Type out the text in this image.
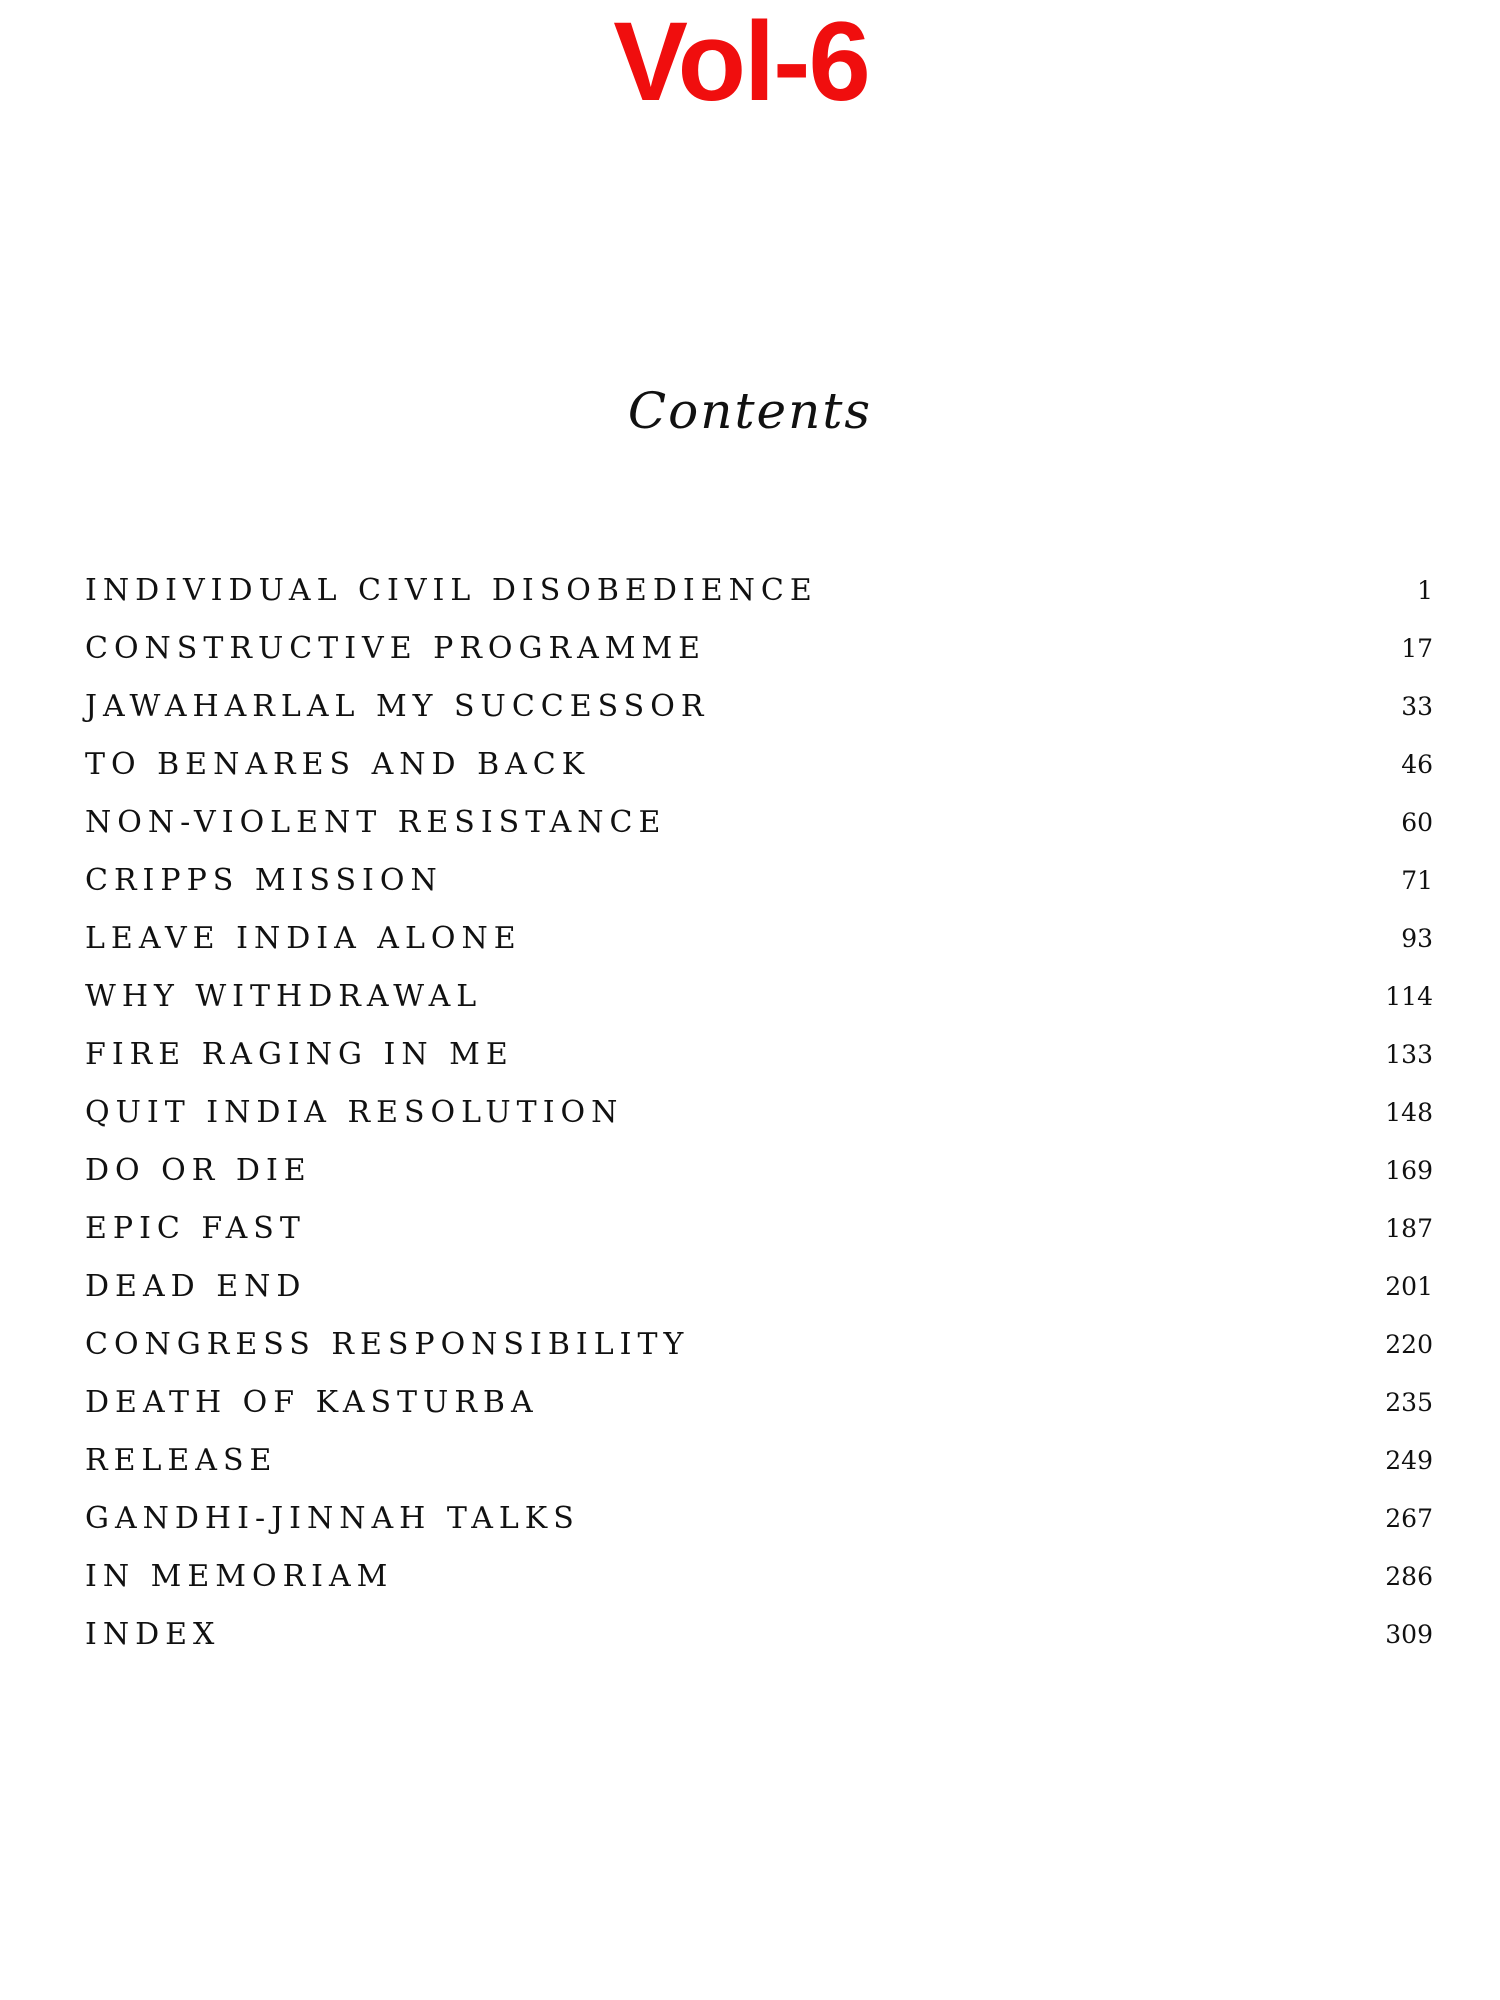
Vol-6
Contents
INDIVIDUAL CIVIL DISOBEDIENCE	1
CONSTRUCTIVE PROGRAMME	17
JAWAHARLAL MY SUCCESSOR	33
TO BENARES AND BACK	46
NON-VIOLENT RESISTANCE	60
CRIPPS MISSION	71
LEAVE INDIA ALONE	93
WHY WITHDRAWAL	114
FIRE RAGING IN ME	133
QUIT INDIA RESOLUTION	148
DO OR DIE	169
EPIC FAST	187
DEAD END	201
CONGRESS RESPONSIBILITY	220
DEATH OF KASTURBA	235
RELEASE	249
GANDHI-JINNAH TALKS	267
IN MEMORIAM	286
INDEX	309
